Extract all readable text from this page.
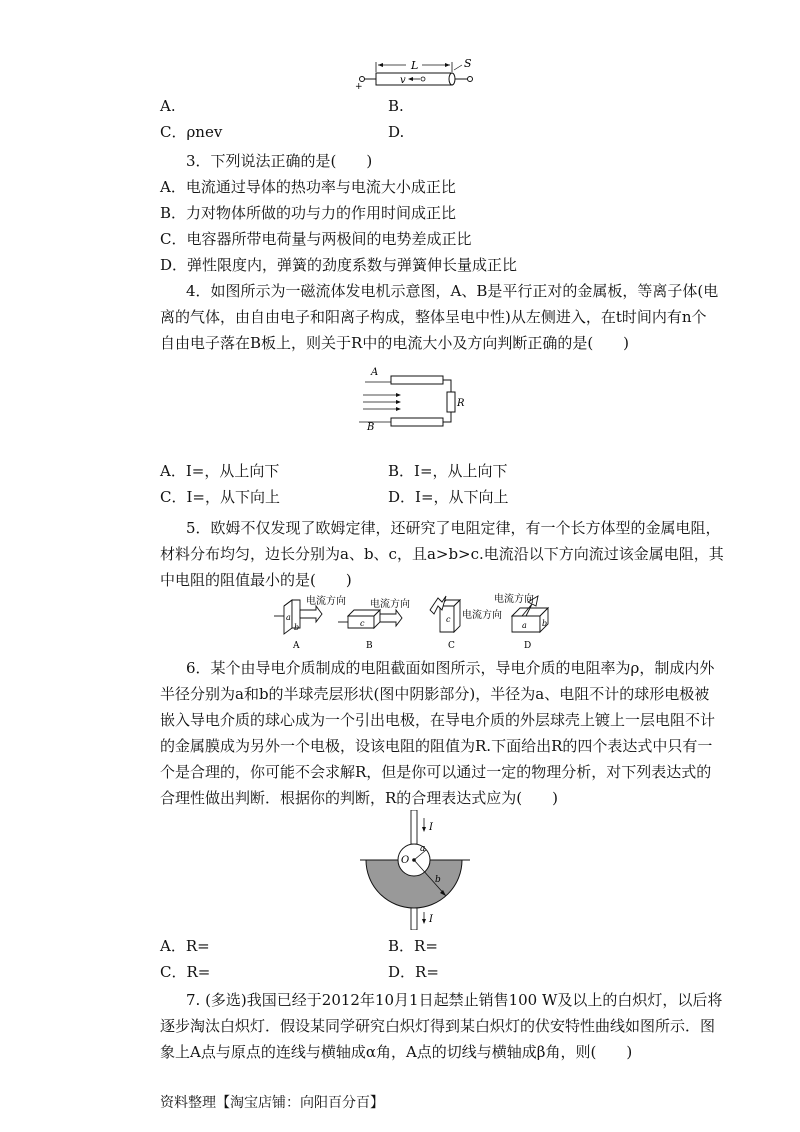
L	S
v
+
A.	B.
C．ρnev	D.
3．下列说法正确的是(　　)
A．电流通过导体的热功率与电流大小成正比
B．力对物体所做的功与力的作用时间成正比
C．电容器所带电荷量与两极间的电势差成正比
D．弹性限度内，弹簧的劲度系数与弹簧伸长量成正比
4．如图所示为一磁流体发电机示意图，A、B是平行正对的金属板，等离子体(电
离的气体，由自由电子和阳离子构成，整体呈电中性)从左侧进入，在t时间内有n个
自由电子落在B板上，则关于R中的电流大小及方向判断正确的是(　　)
A
B
R
A．I=，从上向下	B．I=，从上向下
C．I=，从下向上	D．I=，从下向上
5．欧姆不仅发现了欧姆定律，还研究了电阻定律，有一个长方体型的金属电阻，
材料分布均匀，边长分别为a、b、c，且a>b>c.电流沿以下方向流过该金属电阻，其
中电阻的阻值最小的是(　　)
电流方向 电流方向
电流方向
电流方向
a
b	c	c
a b
A	B	C	D
6．某个由导电介质制成的电阻截面如图所示，导电介质的电阻率为ρ，制成内外
半径分别为a和b的半球壳层形状(图中阴影部分)，半径为a、电阻不计的球形电极被
嵌入导电介质的球心成为一个引出电极，在导电介质的外层球壳上镀上一层电阻不计
的金属膜成为另外一个电极，设该电阻的阻值为R.下面给出R的四个表达式中只有一
个是合理的，你可能不会求解R，但是你可以通过一定的物理分析，对下列表达式的
合理性做出判断．根据你的判断，R的合理表达式应为(　　)
I
I
O
a
b
A．R=	B．R=
C．R=	D．R=
7. (多选)我国已经于2012年10月1日起禁止销售100 W及以上的白炽灯，以后将
逐步淘汰白炽灯．假设某同学研究白炽灯得到某白炽灯的伏安特性曲线如图所示．图
象上A点与原点的连线与横轴成α角，A点的切线与横轴成β角，则(　　)
资料整理【淘宝店铺：向阳百分百】
